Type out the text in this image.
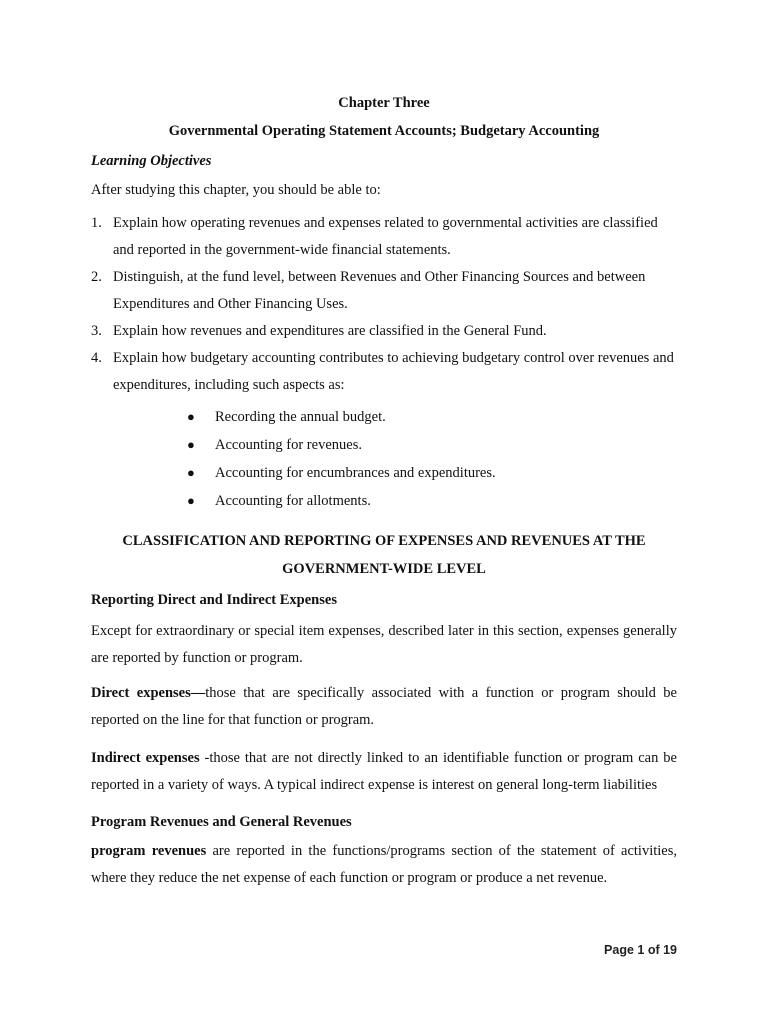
Chapter Three
Governmental Operating Statement Accounts; Budgetary Accounting
Learning Objectives
After studying this chapter, you should be able to:
1. Explain how operating revenues and expenses related to governmental activities are classified and reported in the government-wide financial statements.
2. Distinguish, at the fund level, between Revenues and Other Financing Sources and between Expenditures and Other Financing Uses.
3. Explain how revenues and expenditures are classified in the General Fund.
4. Explain how budgetary accounting contributes to achieving budgetary control over revenues and expenditures, including such aspects as:
● Recording the annual budget.
● Accounting for revenues.
● Accounting for encumbrances and expenditures.
● Accounting for allotments.
CLASSIFICATION AND REPORTING OF EXPENSES AND REVENUES AT THE
GOVERNMENT-WIDE LEVEL
Reporting Direct and Indirect Expenses

Except for extraordinary or special item expenses, described later in this section, expenses generally are reported by function or program.

Direct expenses—those that are specifically associated with a function or program should be reported on the line for that function or program.

Indirect expenses -those that are not directly linked to an identifiable function or program can be reported in a variety of ways. A typical indirect expense is interest on general long-term liabilities

Program Revenues and General Revenues

program revenues are reported in the functions/programs section of the statement of activities, where they reduce the net expense of each function or program or produce a net revenue.

Page 1 of 19
